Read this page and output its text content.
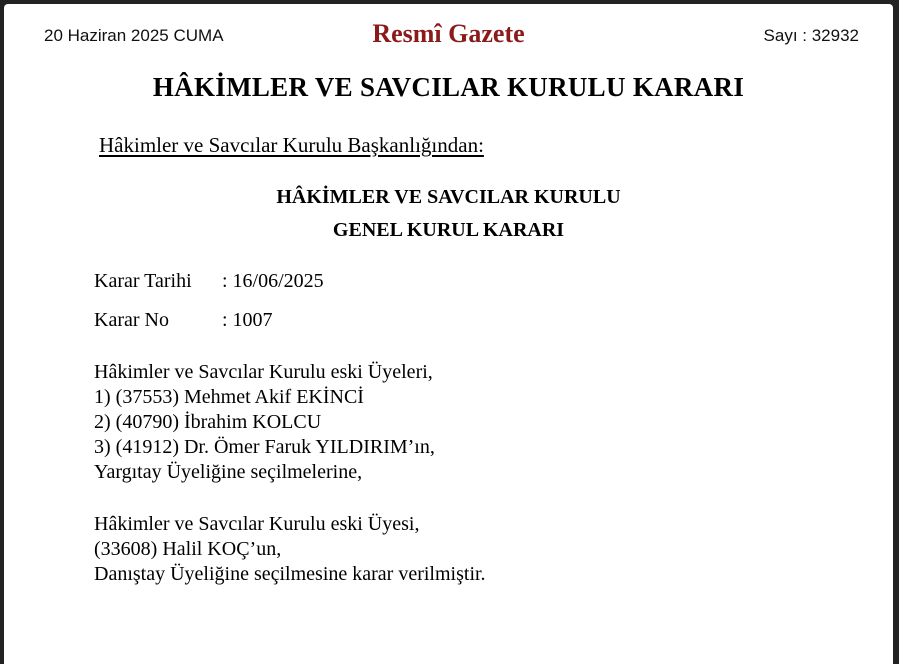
20 Haziran 2025 CUMA	Resmî Gazete	Sayı : 32932
HÂKİMLER VE SAVCILAR KURULU KARARI
Hâkimler ve Savcılar Kurulu Başkanlığından:
HÂKİMLER VE SAVCILAR KURULU
GENEL KURUL KARARI
Karar Tarihi : 16/06/2025
Karar No	: 1007
Hâkimler ve Savcılar Kurulu eski Üyeleri,
1) (37553) Mehmet Akif EKİNCİ
2) (40790) İbrahim KOLCU
3) (41912) Dr. Ömer Faruk YILDIRIM’ın,
Yargıtay Üyeliğine seçilmelerine,
Hâkimler ve Savcılar Kurulu eski Üyesi,
(33608) Halil KOÇ’un,
Danıştay Üyeliğine seçilmesine karar verilmiştir.
